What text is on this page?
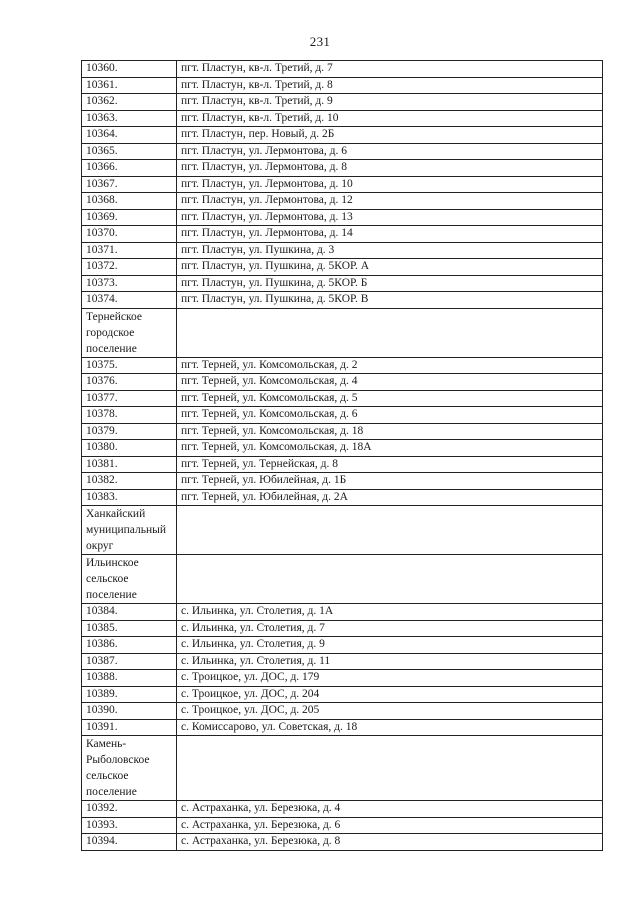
231
10360.	пгт. Пластун, кв-л. Третий, д. 7
10361.	пгт. Пластун, кв-л. Третий, д. 8
10362.	пгт. Пластун, кв-л. Третий, д. 9
10363.	пгт. Пластун, кв-л. Третий, д. 10
10364.	пгт. Пластун, пер. Новый, д. 2Б
10365.	пгт. Пластун, ул. Лермонтова, д. 6
10366.	пгт. Пластун, ул. Лермонтова, д. 8
10367.	пгт. Пластун, ул. Лермонтова, д. 10
10368.	пгт. Пластун, ул. Лермонтова, д. 12
10369.	пгт. Пластун, ул. Лермонтова, д. 13
10370.	пгт. Пластун, ул. Лермонтова, д. 14
10371.	пгт. Пластун, ул. Пушкина, д. 3
10372.	пгт. Пластун, ул. Пушкина, д. 5КОР. А
10373.	пгт. Пластун, ул. Пушкина, д. 5КОР. Б
10374.	пгт. Пластун, ул. Пушкина, д. 5КОР. В

Тернейское
городское
поселение	

10375.	пгт. Терней, ул. Комсомольская, д. 2
10376.	пгт. Терней, ул. Комсомольская, д. 4
10377.	пгт. Терней, ул. Комсомольская, д. 5
10378.	пгт. Терней, ул. Комсомольская, д. 6
10379.	пгт. Терней, ул. Комсомольская, д. 18
10380.	пгт. Терней, ул. Комсомольская, д. 18А
10381.	пгт. Терней, ул. Тернейская, д. 8
10382.	пгт. Терней, ул. Юбилейная, д. 1Б
10383.	пгт. Терней, ул. Юбилейная, д. 2А

Ханкайский
муниципальный
округ	

Ильинское
сельское
поселение	

10384.	с. Ильинка, ул. Столетия, д. 1А
10385.	с. Ильинка, ул. Столетия, д. 7
10386.	с. Ильинка, ул. Столетия, д. 9
10387.	с. Ильинка, ул. Столетия, д. 11
10388.	с. Троицкое, ул. ДОС, д. 179
10389.	с. Троицкое, ул. ДОС, д. 204
10390.	с. Троицкое, ул. ДОС, д. 205
10391.	с. Комиссарово, ул. Советская, д. 18

Камень-
Рыболовское
сельское
поселение	

10392.	с. Астраханка, ул. Березюка, д. 4
10393.	с. Астраханка, ул. Березюка, д. 6
10394.	с. Астраханка, ул. Березюка, д. 8
